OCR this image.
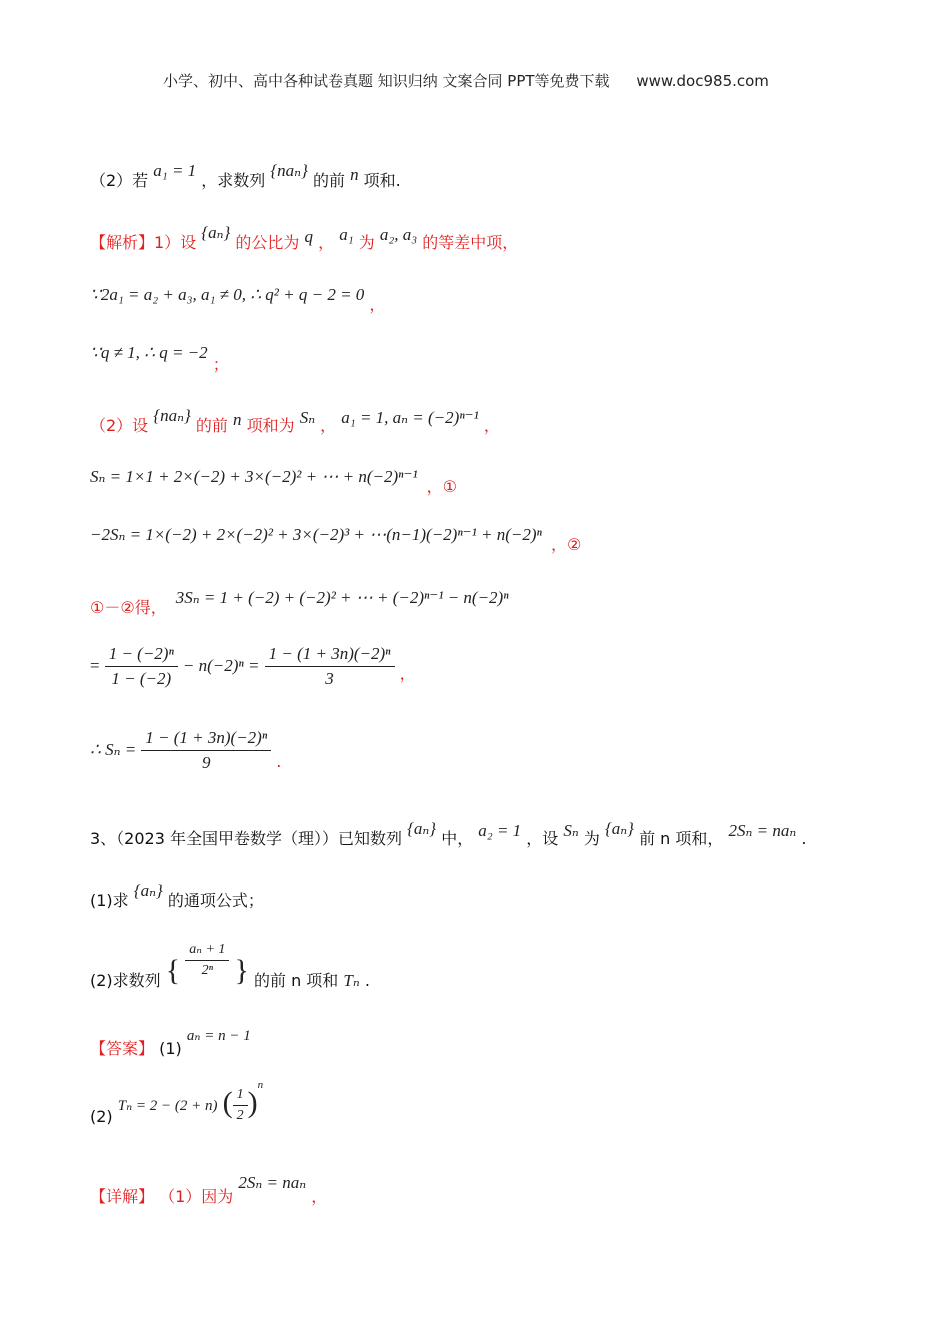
小学、初中、高中各种试卷真题 知识归纳 文案合同 PPT等免费下载 www.doc985.com
（2）若 a₁ = 1 ，求数列 {naₙ} 的前 n 项和.
【解析】1）设 {aₙ} 的公比为 q ， a₁ 为 a₂, a₃ 的等差中项，
∵2a₁ = a₂ + a₃, a₁ ≠ 0, ∴ q² + q − 2 = 0 ，
∵q ≠ 1, ∴ q = −2 ；
（2）设 {naₙ} 的前 n 项和为 Sₙ ， a₁ = 1, aₙ = (−2)ⁿ⁻¹ ，
Sₙ = 1×1 + 2×(−2) + 3×(−2)² + ⋯ + n(−2)ⁿ⁻¹ ，①
−2Sₙ = 1×(−2) + 2×(−2)² + 3×(−2)³ + ⋯(n−1)(−2)ⁿ⁻¹ + n(−2)ⁿ ，②
①－②得， 3Sₙ = 1 + (−2) + (−2)² + ⋯ + (−2)ⁿ⁻¹ − n(−2)ⁿ
= $\frac{\text{1 − (−2)ⁿ}}{1 - (-2)} - n(-2)^n = \frac{\text{1 − (1 + 3n)(−2)ⁿ}}{3}$ ，
∴ $S_n = \frac{\text{1 − (1 + 3n)(−2)ⁿ}}{9}$ .
3、（2023 年全国甲卷数学（理））已知数列 {aₙ} 中， a₂ = 1 ，设 Sₙ 为 {aₙ} 前 n 项和， 2Sₙ = naₙ .
(1)求 {aₙ} 的通项公式；
(2)求数列 { $\frac{\text{aₙ + 1}}{\text{2ⁿ}}$ } 的前 n 项和 Tₙ .
【答案】 (1) aₙ = n − 1
(2) Tₙ = 2 − (2 + n) ( $\frac{1}{2} )^n$
【详解】 （1）因为 2Sₙ = naₙ ，
